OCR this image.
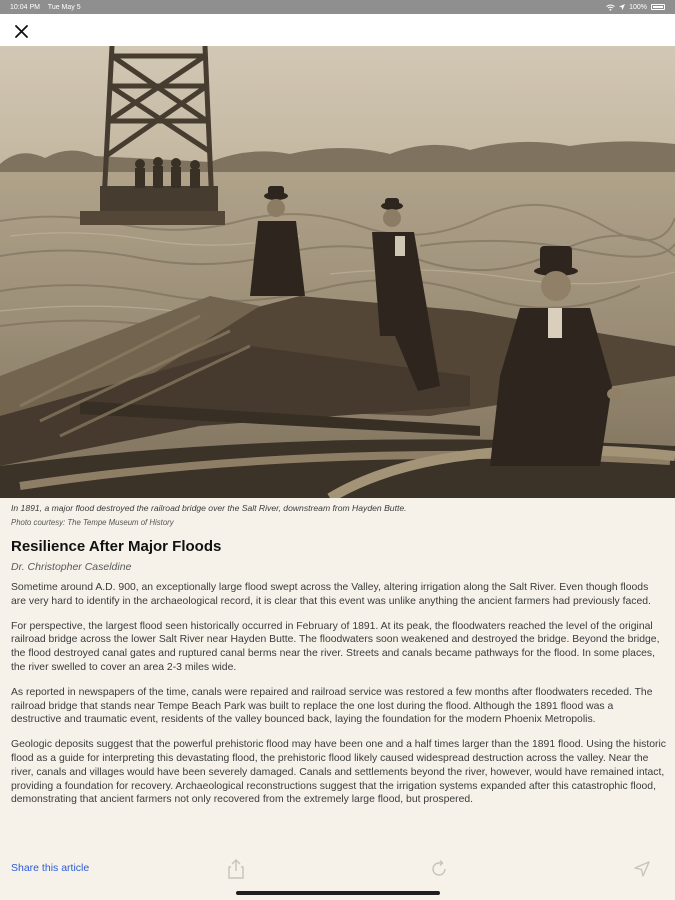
10:04 PM Tue May 5	100%
In 1891, a major flood destroyed the railroad bridge over the Salt River, downstream from Hayden Butte.
Photo courtesy: The Tempe Museum of History
Resilience After Major Floods
Dr. Christopher Caseldine

Sometime around A.D. 900, an exceptionally large flood swept across the Valley, altering irrigation along the Salt River. Even though floods are very hard to identify in the archaeological record, it is clear that this event was unlike anything the ancient farmers had previously faced.

For perspective, the largest flood seen historically occurred in February of 1891. At its peak, the floodwaters reached the level of the original railroad bridge across the lower Salt River near Hayden Butte. The floodwaters soon weakened and destroyed the bridge. Beyond the bridge, the flood destroyed canal gates and ruptured canal berms near the river. Streets and canals became pathways for the flood. In some places, the river swelled to cover an area 2-3 miles wide.

As reported in newspapers of the time, canals were repaired and railroad service was restored a few months after floodwaters receded. The railroad bridge that stands near Tempe Beach Park was built to replace the one lost during the flood. Although the 1891 flood was a destructive and traumatic event, residents of the valley bounced back, laying the foundation for the modern Phoenix Metropolis.

Geologic deposits suggest that the powerful prehistoric flood may have been one and a half times larger than the 1891 flood. Using the historic flood as a guide for interpreting this devastating flood, the prehistoric flood likely caused widespread destruction across the valley. Near the river, canals and villages would have been severely damaged. Canals and settlements beyond the river, however, would have remained intact, providing a foundation for recovery. Archaeological reconstructions suggest that the irrigation systems expanded after this catastrophic flood, demonstrating that ancient farmers not only recovered from the extremely large flood, but prospered.

Share this article
